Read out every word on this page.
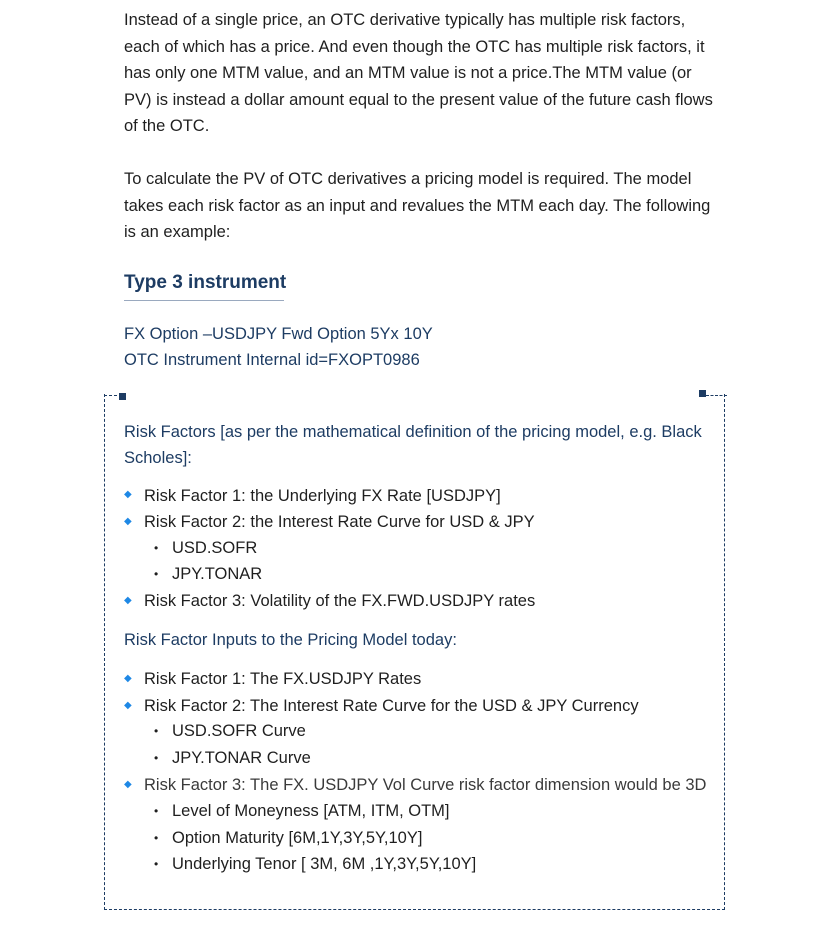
Instead of a single price, an OTC derivative typically has multiple risk factors, each of which has a price. And even though the OTC has multiple risk factors, it has only one MTM value, and an MTM value is not a price.The MTM value (or PV) is instead a dollar amount equal to the present value of the future cash flows of the OTC.

To calculate the PV of OTC derivatives a pricing model is required. The model takes each risk factor as an input and revalues the MTM each day. The following is an example:

Type 3 instrument

FX Option –USDJPY Fwd Option 5Yx 10Y

OTC Instrument Internal id=FXOPT0986

Risk Factors [as per the mathematical definition of the pricing model, e.g. Black Scholes]:

◆ Risk Factor 1: the Underlying FX Rate [USDJPY]
◆ Risk Factor 2: the Interest Rate Curve for USD & JPY
• USD.SOFR
• JPY.TONAR
◆ Risk Factor 3: Volatility of the FX.FWD.USDJPY rates

Risk Factor Inputs to the Pricing Model today:

◆ Risk Factor 1: The FX.USDJPY Rates
◆ Risk Factor 2: The Interest Rate Curve for the USD & JPY Currency
• USD.SOFR Curve
• JPY.TONAR Curve
◆ Risk Factor 3: The FX. USDJPY Vol Curve risk factor dimension would be 3D
• Level of Moneyness [ATM, ITM, OTM]
• Option Maturity [6M,1Y,3Y,5Y,10Y]
• Underlying Tenor [ 3M, 6M ,1Y,3Y,5Y,10Y]
